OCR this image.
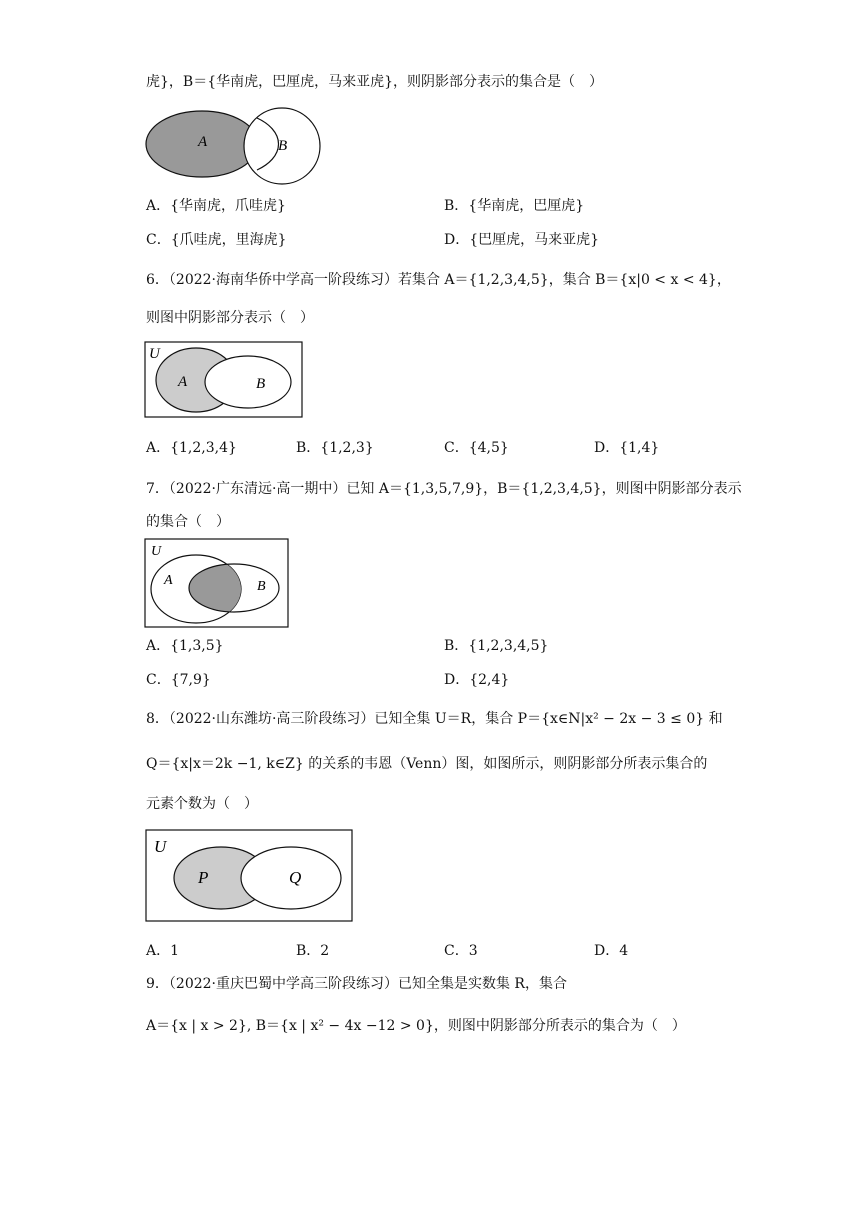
虎}，B＝{华南虎，巴厘虎，马来亚虎}，则阴影部分表示的集合是（　）
A	B
A．{华南虎，爪哇虎}	B．{华南虎，巴厘虎}
C．{爪哇虎，里海虎}	D．{巴厘虎，马来亚虎}
6．（2022·海南华侨中学高一阶段练习）若集合 A＝{1,2,3,4,5}，集合 B＝{x|0 < x < 4}，
则图中阴影部分表示（　）
U
A	B
A．{1,2,3,4}	B．{1,2,3}	C．{4,5}	D．{1,4}
7．（2022·广东清远·高一期中）已知 A＝{1,3,5,7,9}，B＝{1,2,3,4,5}，则图中阴影部分表示
的集合（　）
U
A	B
A．{1,3,5}	B．{1,2,3,4,5}
C．{7,9}	D．{2,4}
8．（2022·山东潍坊·高三阶段练习）已知全集 U＝R，集合 P＝{x∈N|x² − 2x − 3 ≤ 0} 和
Q＝{x|x＝2k −1, k∈Z} 的关系的韦恩（Venn）图，如图所示，则阴影部分所表示集合的
元素个数为（　）
U
P	Q
A．1	B．2	C．3	D．4
9．（2022·重庆巴蜀中学高三阶段练习）已知全集是实数集 R，集合
A＝{x | x > 2}, B＝{x | x² − 4x −12 > 0}，则图中阴影部分所表示的集合为（　）
